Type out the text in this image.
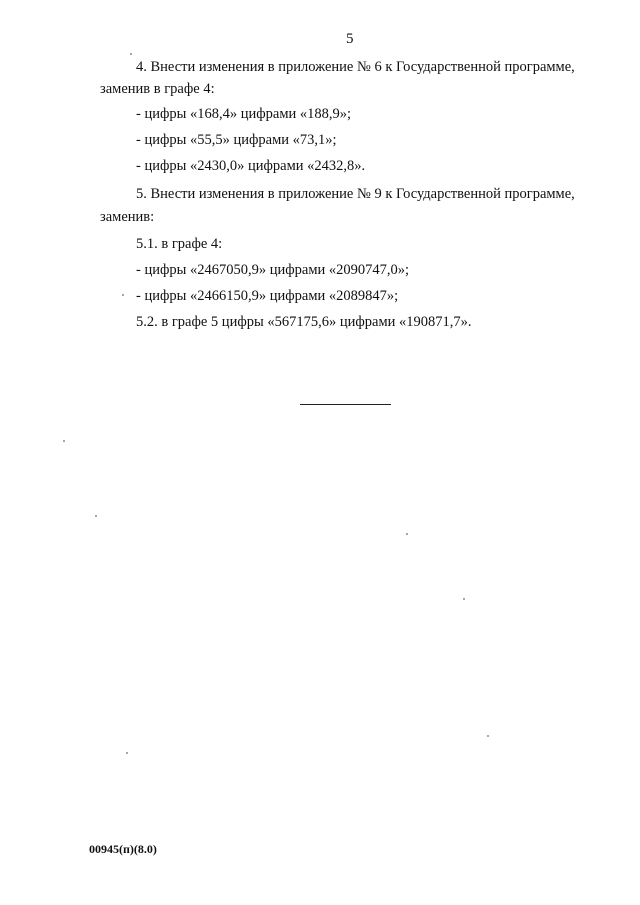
5
4. Внести изменения в приложение № 6 к Государственной программе,
заменив в графе 4:
- цифры «168,4» цифрами «188,9»;
- цифры «55,5» цифрами «73,1»;
- цифры «2430,0» цифрами «2432,8».
5. Внести изменения в приложение № 9 к Государственной программе,
заменив:
5.1. в графе 4:
- цифры «2467050,9» цифрами «2090747,0»;
- цифры «2466150,9» цифрами «2089847»;
5.2. в графе 5 цифры «567175,6» цифрами «190871,7».
00945(п)(8.0)
